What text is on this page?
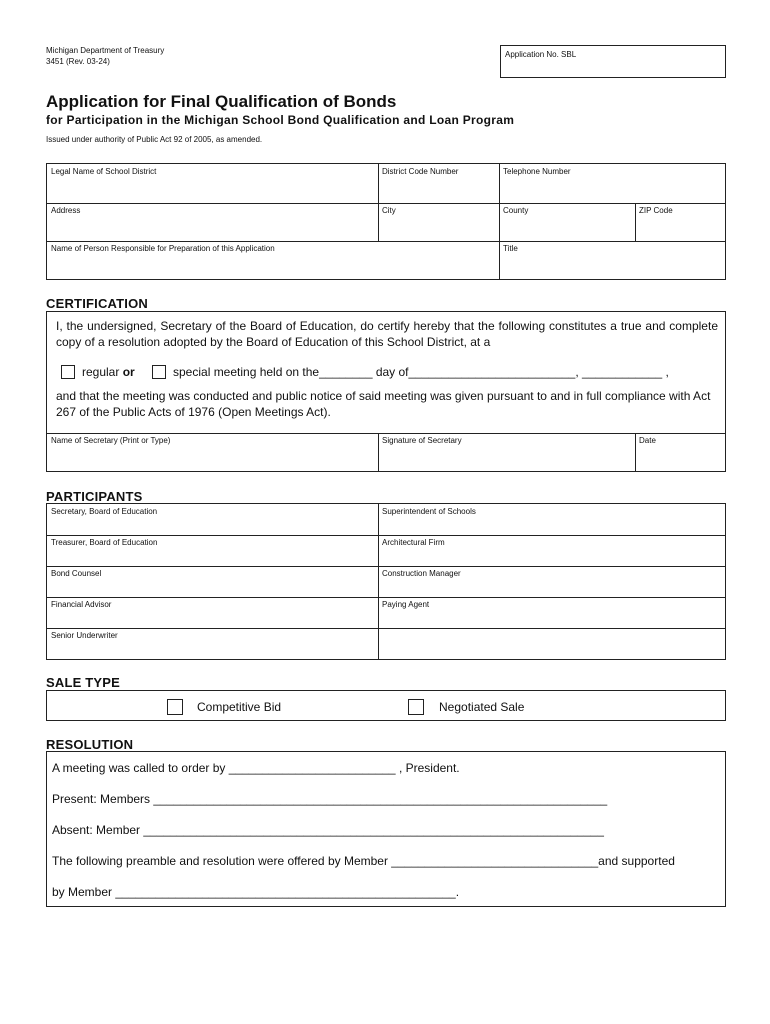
Michigan Department of Treasury
3451 (Rev. 03-24)
Application No. SBL
Application for Final Qualification of Bonds
for Participation in the Michigan School Bond Qualification and Loan Program
Issued under authority of Public Act 92 of 2005, as amended.
Legal Name of School District	District Code Number	Telephone Number
Address	City	County	ZIP Code
Name of Person Responsible for Preparation of this Application	Title
CERTIFICATION
I, the undersigned, Secretary of the Board of Education, do certify hereby that the following constitutes a true and complete copy of a resolution adopted by the Board of Education of this School District, at a
regular or	special meeting held on the________ day of_________________________, ____________ ,
and that the meeting was conducted and public notice of said meeting was given pursuant to and in full compliance with Act 267 of the Public Acts of 1976 (Open Meetings Act).
Name of Secretary (Print or Type)	Signature of Secretary	Date
PARTICIPANTS
Secretary, Board of Education	Superintendent of Schools
Treasurer, Board of Education	Architectural Firm
Bond Counsel	Construction Manager
Financial Advisor	Paying Agent
Senior Underwriter
SALE TYPE
Competitive Bid	Negotiated Sale
RESOLUTION
A meeting was called to order by _________________________ , President.
Present: Members ____________________________________________________________________
Absent: Member _____________________________________________________________________
The following preamble and resolution were offered by Member _______________________________and supported
by Member ___________________________________________________.
